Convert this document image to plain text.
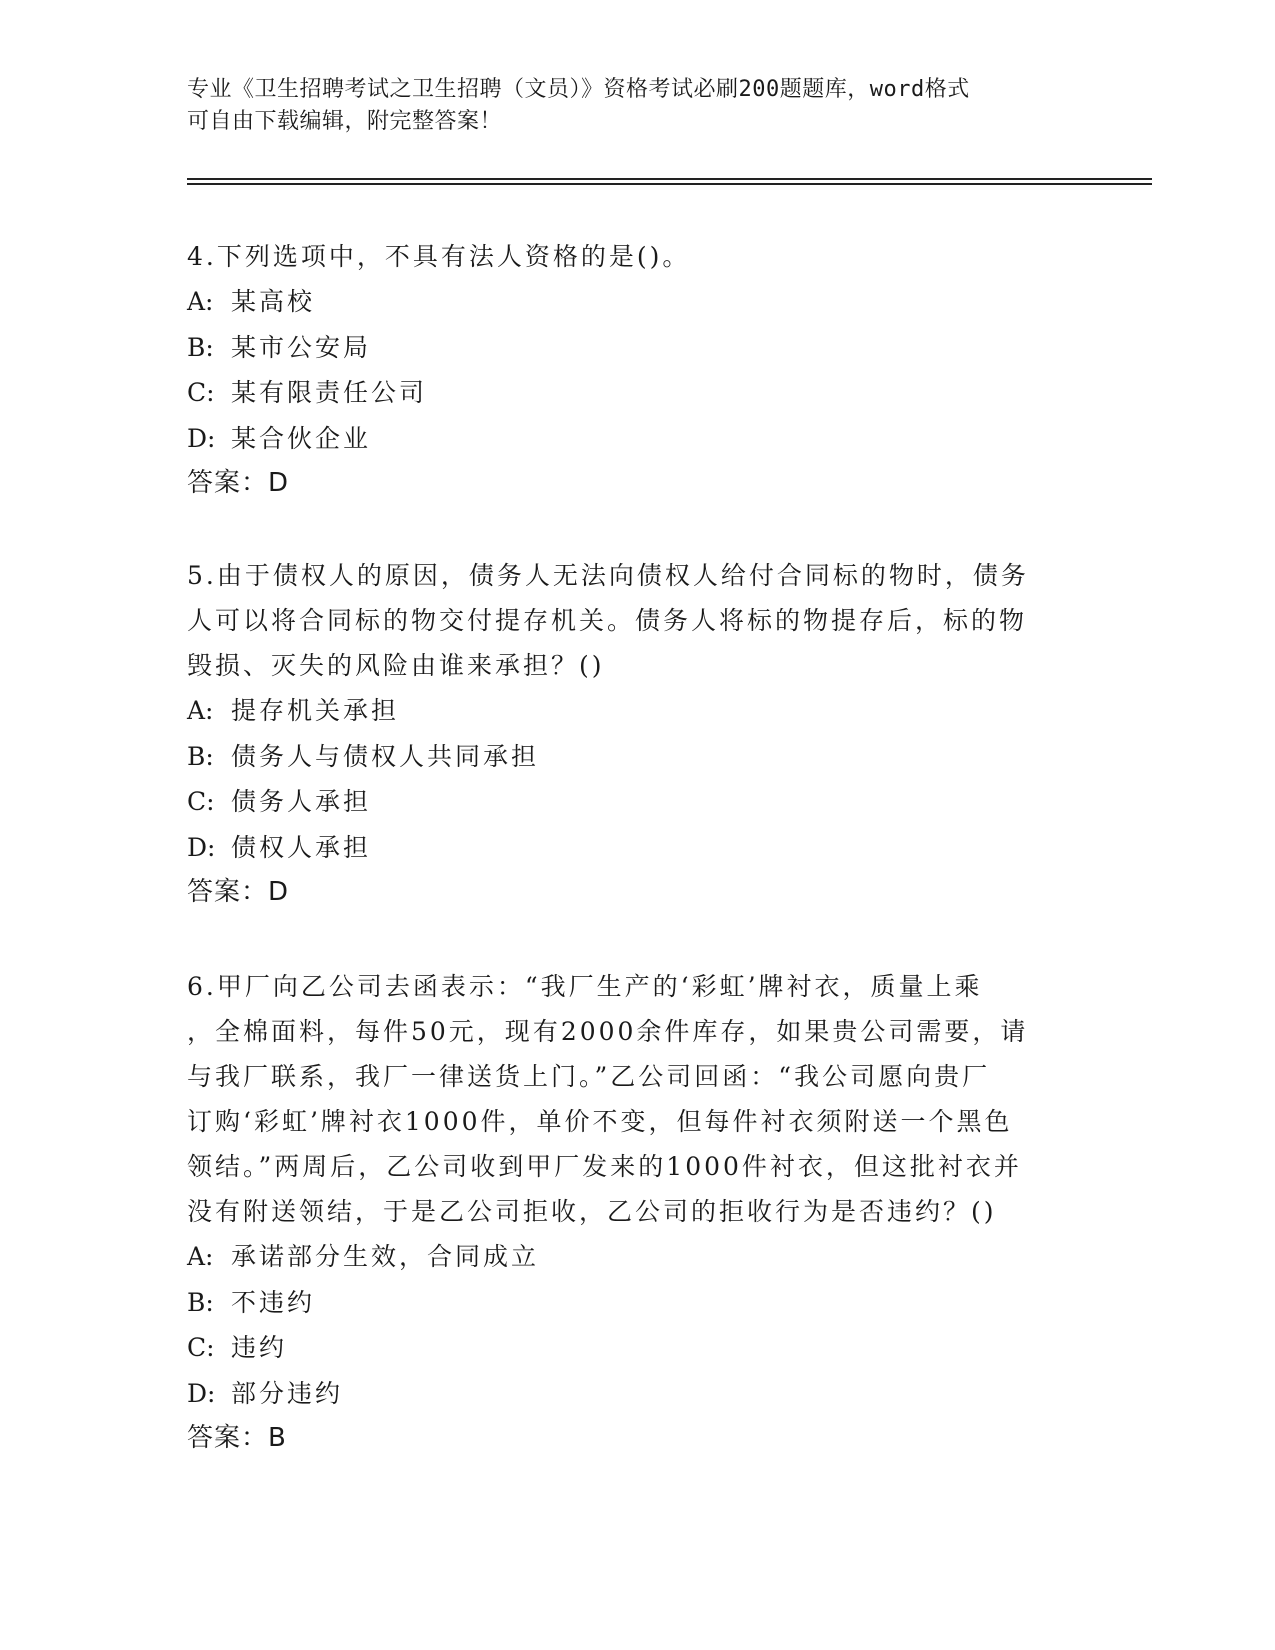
专业《卫生招聘考试之卫生招聘（文员）》资格考试必刷200题题库，word格式
可自由下载编辑，附完整答案！
4.下列选项中，不具有法人资格的是()。
A: 某高校
B: 某市公安局
C: 某有限责任公司
D: 某合伙企业
答案：D
5.由于债权人的原因，债务人无法向债权人给付合同标的物时，债务
人可以将合同标的物交付提存机关。债务人将标的物提存后，标的物
毁损、灭失的风险由谁来承担？()
A: 提存机关承担
B: 债务人与债权人共同承担
C: 债务人承担
D: 债权人承担
答案：D
6.甲厂向乙公司去函表示：“我厂生产的‘彩虹’牌衬衣，质量上乘
，全棉面料，每件50元，现有2000余件库存，如果贵公司需要，请
与我厂联系，我厂一律送货上门。”乙公司回函：“我公司愿向贵厂
订购‘彩虹’牌衬衣1000件，单价不变，但每件衬衣须附送一个黑色
领结。”两周后，乙公司收到甲厂发来的1000件衬衣，但这批衬衣并
没有附送领结，于是乙公司拒收，乙公司的拒收行为是否违约？()
A: 承诺部分生效，合同成立
B: 不违约
C: 违约
D: 部分违约
答案：B
